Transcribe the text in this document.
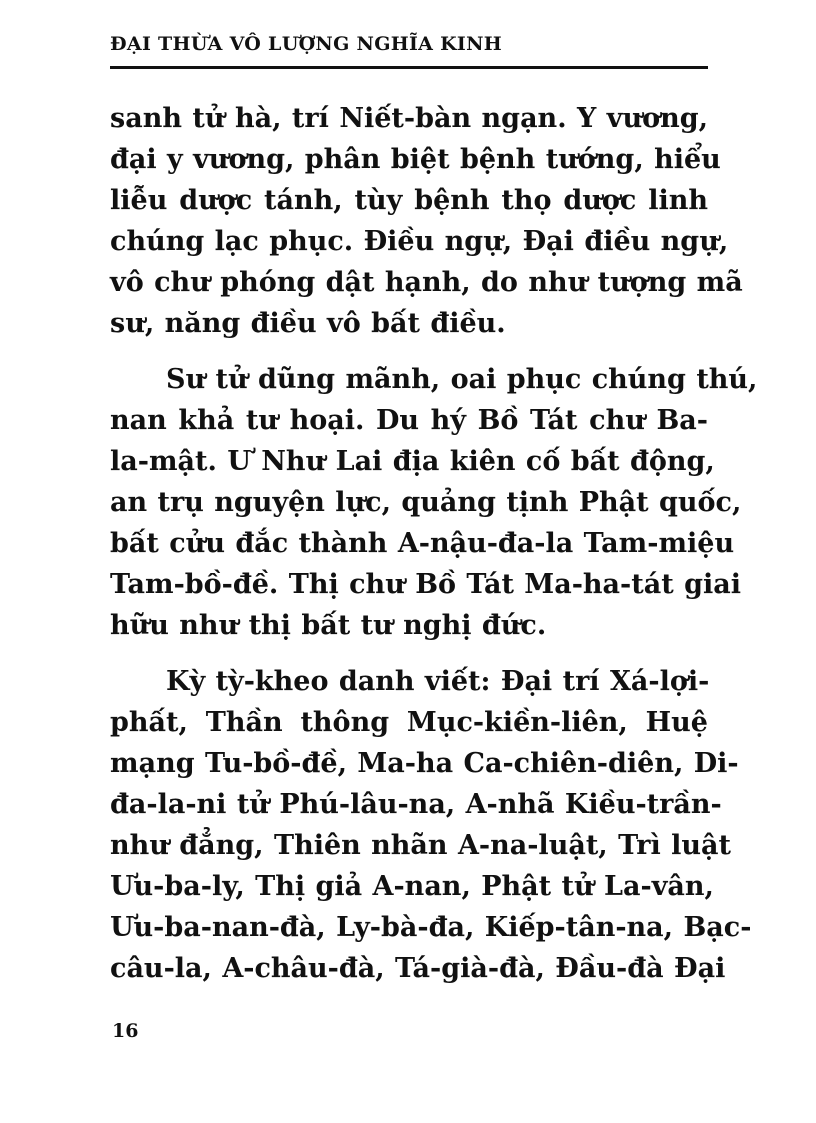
ĐẠI THỪA VÔ LƯỢNG NGHĨA KINH

sanh tử hà, trí Niết-bàn ngạn. Y vương,
đại y vương, phân biệt bệnh tướng, hiểu
liễu dược tánh, tùy bệnh thọ dược linh
chúng lạc phục. Điều ngự, Đại điều ngự,
vô chư phóng dật hạnh, do như tượng mã
sư, năng điều vô bất điều.

Sư tử dũng mãnh, oai phục chúng thú,
nan khả tư hoại. Du hý Bồ Tát chư Ba-
la-mật. Ư Như Lai địa kiên cố bất động,
an trụ nguyện lực, quảng tịnh Phật quốc,
bất cửu đắc thành A-nậu-đa-la Tam-miệu
Tam-bồ-đề. Thị chư Bồ Tát Ma-ha-tát giai
hữu như thị bất tư nghị đức.

Kỳ tỳ-kheo danh viết: Đại trí Xá-lợi-
phất, Thần thông Mục-kiền-liên, Huệ
mạng Tu-bồ-đề, Ma-ha Ca-chiên-diên, Di-
đa-la-ni tử Phú-lâu-na, A-nhã Kiều-trần-
như đẳng, Thiên nhãn A-na-luật, Trì luật
Ưu-ba-ly, Thị giả A-nan, Phật tử La-vân,
Ưu-ba-nan-đà, Ly-bà-đa, Kiếp-tân-na, Bạc-
câu-la, A-châu-đà, Tá-già-đà, Đầu-đà Đại

16
